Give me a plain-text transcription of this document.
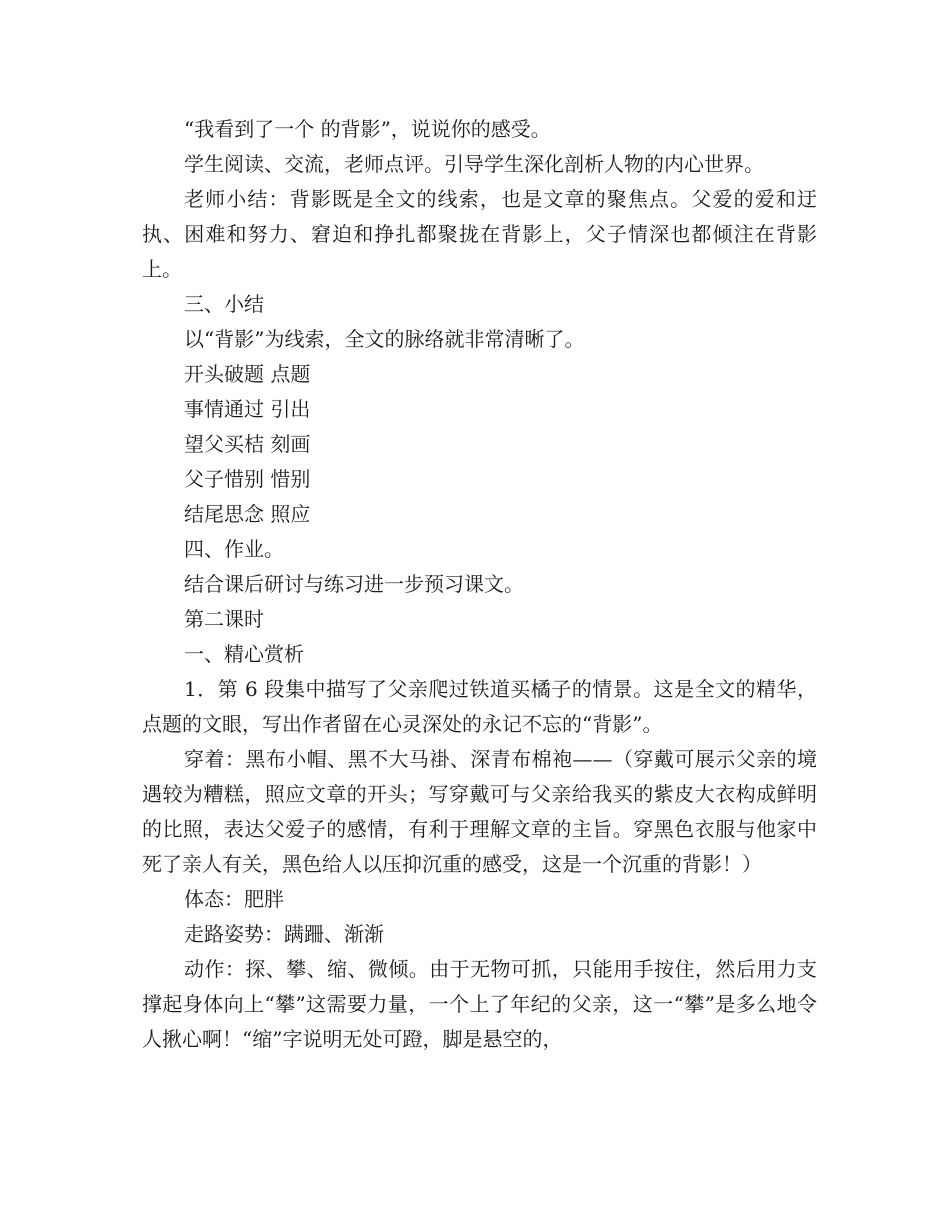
“我看到了一个 的背影”，说说你的感受。

学生阅读、交流，老师点评。引导学生深化剖析人物的内心世界。

老师小结：背影既是全文的线索，也是文章的聚焦点。父爱的爱和迂执、困难和努力、窘迫和挣扎都聚拢在背影上，父子情深也都倾注在背影上。

三、小结

以“背影”为线索，全文的脉络就非常清晰了。

开头破题 点题

事情通过 引出

望父买桔 刻画

父子惜别 惜别

结尾思念 照应

四、作业。

结合课后研讨与练习进一步预习课文。

第二课时

一、精心赏析

1．第 6 段集中描写了父亲爬过铁道买橘子的情景。这是全文的精华，点题的文眼，写出作者留在心灵深处的永记不忘的“背影”。

穿着：黑布小帽、黑不大马褂、深青布棉袍——（穿戴可展示父亲的境遇较为糟糕，照应文章的开头；写穿戴可与父亲给我买的紫皮大衣构成鲜明的比照，表达父爱子的感情，有利于理解文章的主旨。穿黑色衣服与他家中死了亲人有关，黑色给人以压抑沉重的感受，这是一个沉重的背影！）

体态：肥胖

走路姿势：蹒跚、渐渐

动作：探、攀、缩、微倾。由于无物可抓，只能用手按住，然后用力支撑起身体向上“攀”这需要力量，一个上了年纪的父亲，这一“攀”是多么地令人揪心啊！“缩”字说明无处可蹬，脚是悬空的，
